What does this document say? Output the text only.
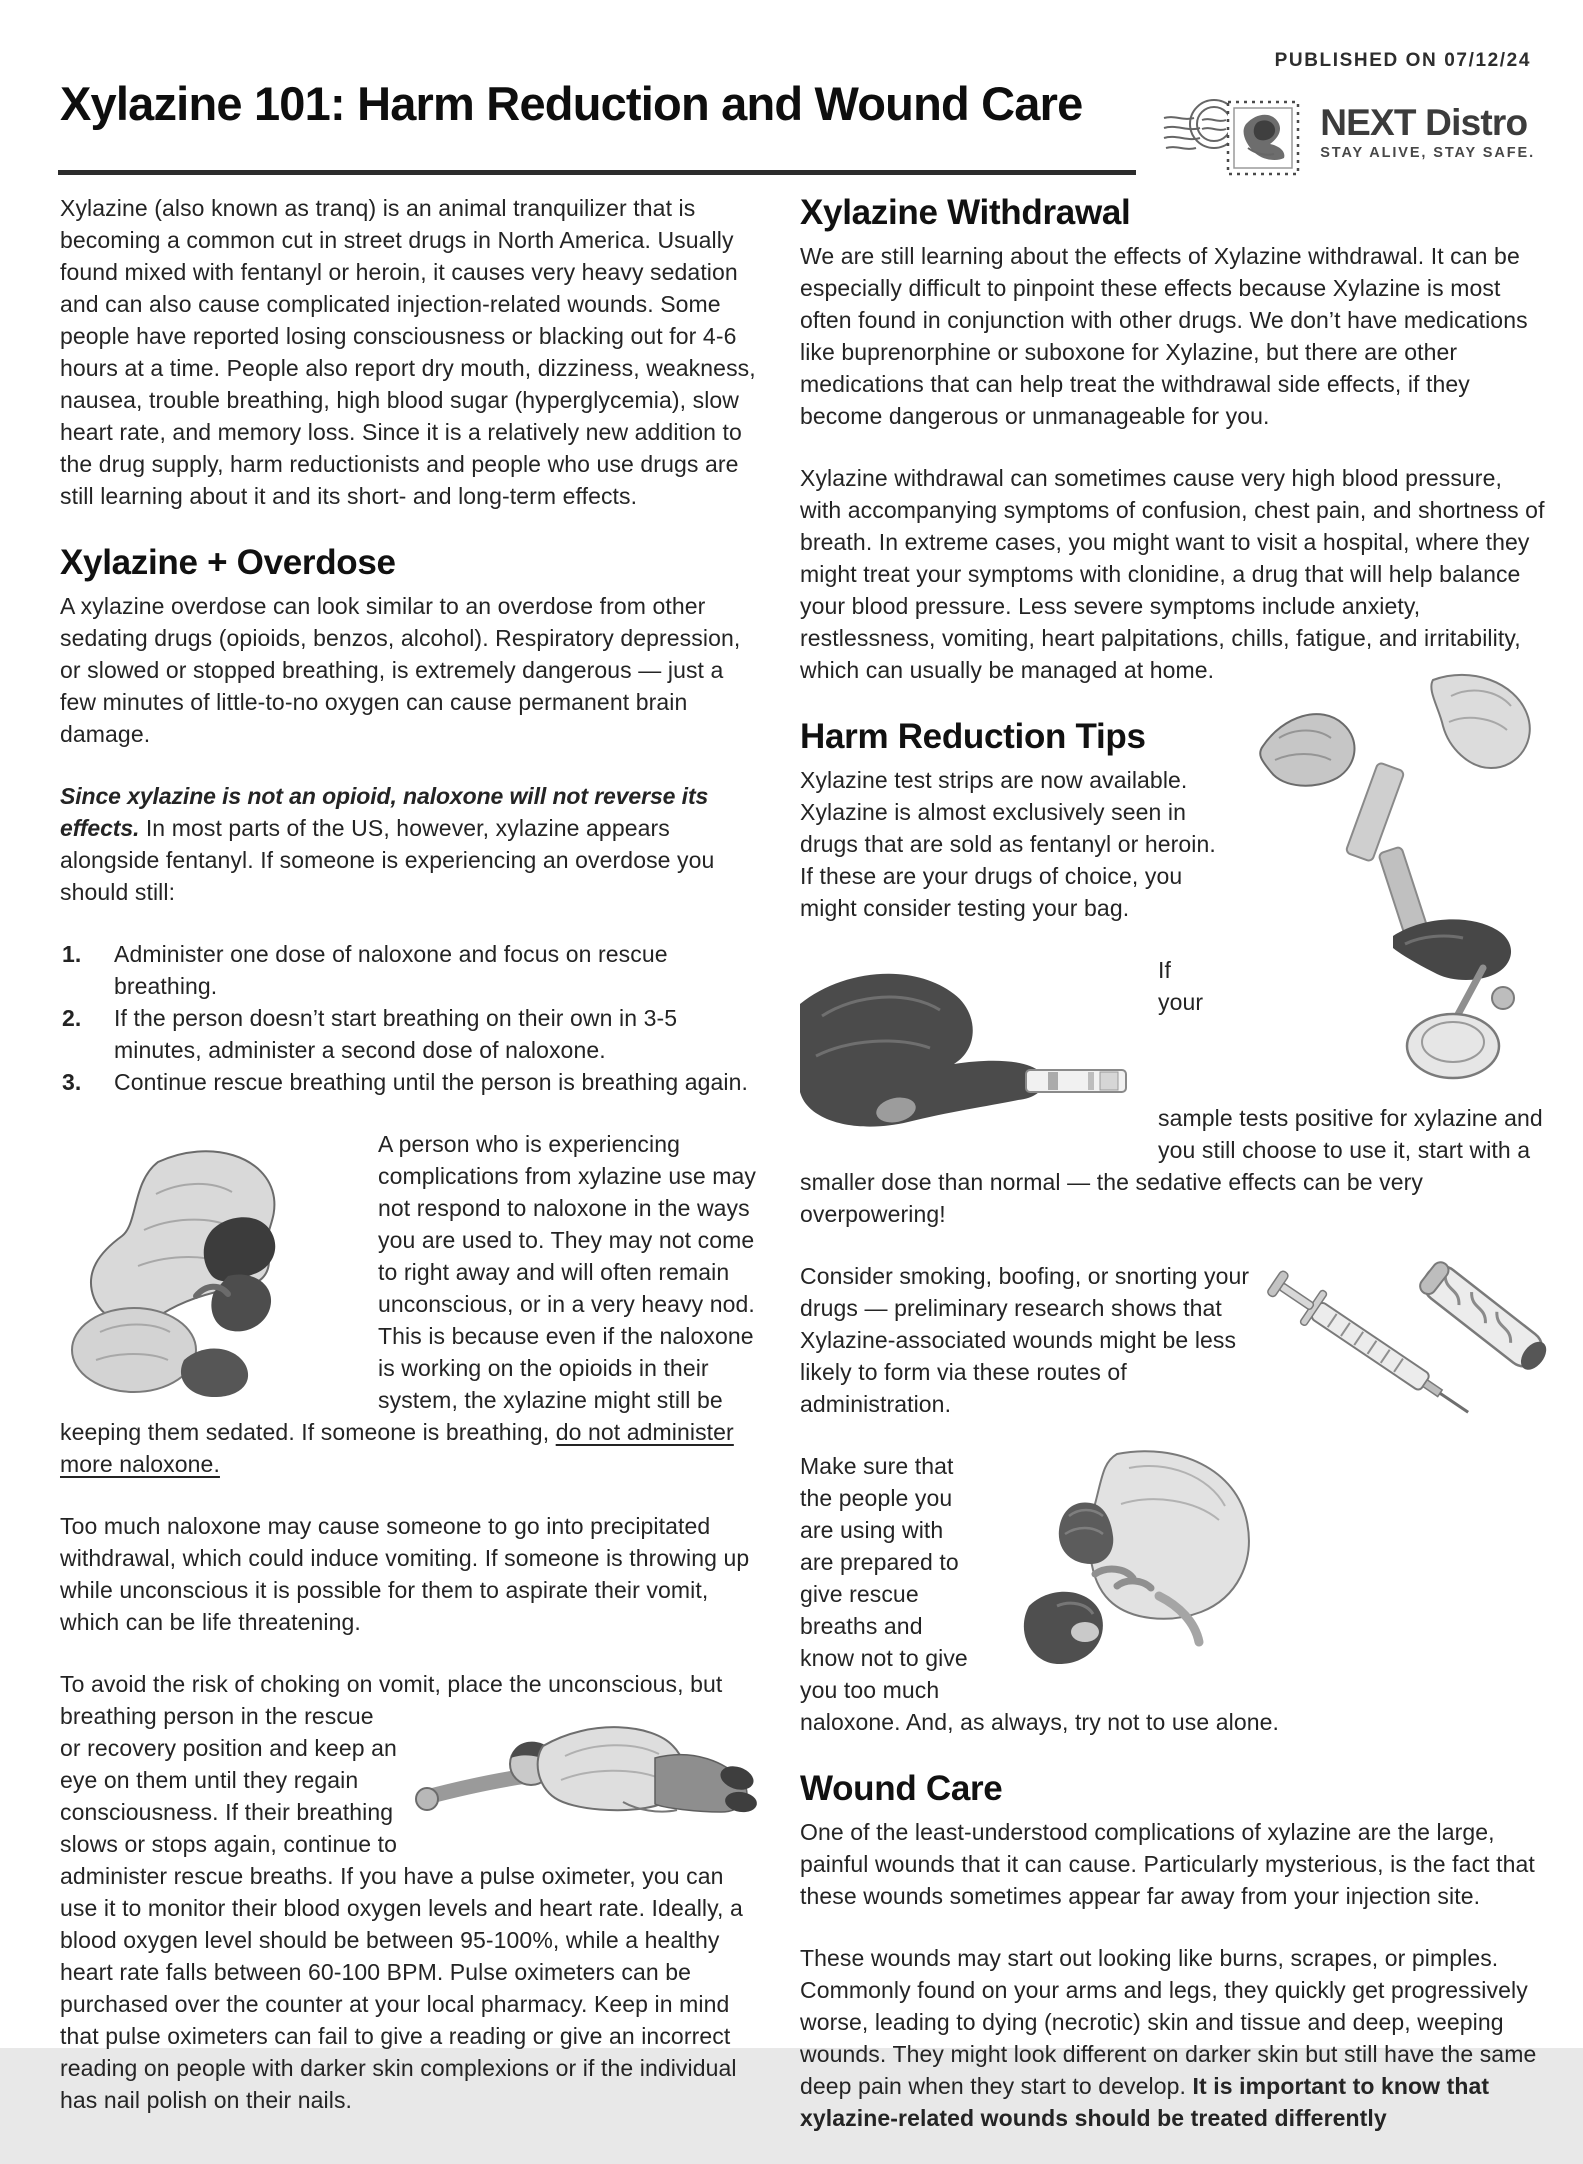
PUBLISHED ON 07/12/24
Xylazine 101: Harm Reduction and Wound Care	NEXT Distro
STAY ALIVE, STAY SAFE.

Xylazine (also known as tranq) is an animal tranquilizer that is becoming a common cut in street drugs in North America. Usually found mixed with fentanyl or heroin, it causes very heavy sedation and can also cause complicated injection-related wounds. Some people have reported losing consciousness or blacking out for 4-6 hours at a time. People also report dry mouth, dizziness, weakness, nausea, trouble breathing, high blood sugar (hyperglycemia), slow heart rate, and memory loss. Since it is a relatively new addition to the drug supply, harm reductionists and people who use drugs are still learning about it and its short- and long-term effects.

Xylazine + Overdose

A xylazine overdose can look similar to an overdose from other sedating drugs (opioids, benzos, alcohol). Respiratory depression, or slowed or stopped breathing, is extremely dangerous — just a few minutes of little-to-no oxygen can cause permanent brain damage.

Since xylazine is not an opioid, naloxone will not reverse its effects. In most parts of the US, however, xylazine appears alongside fentanyl. If someone is experiencing an overdose you should still:

Administer one dose of naloxone and focus on rescue breathing.
If the person doesn’t start breathing on their own in 3-5 minutes, administer a second dose of naloxone.
Continue rescue breathing until the person is breathing again.

A person who is experiencing complications from xylazine use may not respond to naloxone in the ways you are used to. They may not come to right away and will often remain unconscious, or in a very heavy nod. This is because even if the naloxone is working on the opioids in their system, the xylazine might still be keeping them sedated. If someone is breathing, do not administer more naloxone.

Too much naloxone may cause someone to go into precipitated withdrawal, which could induce vomiting. If someone is throwing up while unconscious it is possible for them to aspirate their vomit, which can be life threatening.

To avoid the risk of choking on vomit, place the unconscious,
but breathing person in the rescue or recovery position and keep an eye on them until they regain consciousness. If their breathing slows or stops again, continue to administer rescue breaths. If you have a pulse oximeter, you can use it to monitor their blood oxygen levels and heart rate. Ideally, a blood oxygen level should be between 95-100%, while a healthy heart rate falls between 60-100 BPM. Pulse oximeters can be purchased over the counter at your local pharmacy. Keep in mind that pulse oximeters can fail to give a reading or give an incorrect reading on people with darker skin complexions or if the individual has nail polish on their nails.

Xylazine Withdrawal

We are still learning about the effects of Xylazine withdrawal. It can be especially difficult to pinpoint these effects because Xylazine is most often found in conjunction with other drugs. We don’t have medications like buprenorphine or suboxone for Xylazine, but there are other medications that can help treat the withdrawal side effects, if they become dangerous or unmanageable for you.

Xylazine withdrawal can sometimes cause very high blood pressure, with accompanying symptoms of confusion, chest pain, and shortness of breath. In extreme cases, you might want to visit a hospital, where they might treat your symptoms with clonidine, a drug that will help balance your blood pressure. Less severe symptoms include anxiety, restlessness, vomiting, heart palpitations, chills, fatigue, and irritability, which can usually be managed at home.

Harm Reduction Tips

Xylazine test strips are now available. Xylazine is almost exclusively seen in drugs that are sold as fentanyl or heroin. If these are your drugs of choice, you might consider testing your bag.

If your sample tests positive for xylazine and you still choose to use it, start with a smaller dose than normal — the sedative effects can be very overpowering!

Consider smoking, boofing, or snorting your drugs — preliminary research shows that Xylazine-associated wounds might be less likely to form via these routes of administration.

Make sure that the people you are using with are prepared to give rescue breaths and know not to give you too much naloxone. And, as always, try not to use alone.

Wound Care

One of the least-understood complications of xylazine are the large, painful wounds that it can cause. Particularly mysterious, is the fact that these wounds sometimes appear far away from your injection site.

These wounds may start out looking like burns, scrapes, or pimples. Commonly found on your arms and legs, they quickly get progressively worse, leading to dying (necrotic) skin and tissue and deep, weeping wounds. They might look different on darker skin but still have the same deep pain when they start to develop. It is important to know that xylazine-related wounds should be treated differently
